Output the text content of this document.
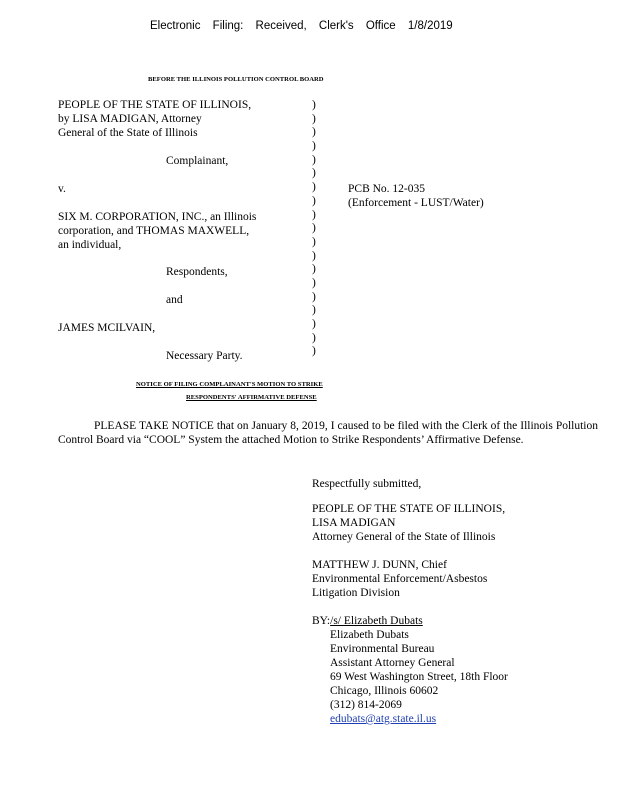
Electronic Filing: Received, Clerk's Office 1/8/2019
BEFORE THE ILLINOIS POLLUTION CONTROL BOARD
PEOPLE OF THE STATE OF ILLINOIS,
by LISA MADIGAN, Attorney
General of the State of Illinois
Complainant,
v.
SIX M. CORPORATION, INC., an Illinois
corporation, and THOMAS MAXWELL,
an individual,
Respondents,
and
JAMES MCILVAIN,
Necessary Party.
)
)
)
)
)
)
)
)
)
)
)
)
)
)
)
)
)
)
)
PCB No. 12-035
(Enforcement - LUST/Water)
NOTICE OF FILING COMPLAINANT'S MOTION TO STRIKE
RESPONDENTS' AFFIRMATIVE DEFENSE
PLEASE TAKE NOTICE that on January 8, 2019, I caused to be filed with the Clerk of the Illinois Pollution Control Board via “COOL” System the attached Motion to Strike Respondents’ Affirmative Defense.
Respectfully submitted,
PEOPLE OF THE STATE OF ILLINOIS,
LISA MADIGAN
Attorney General of the State of Illinois
MATTHEW J. DUNN, Chief
Environmental Enforcement/Asbestos
Litigation Division
BY:/s/ Elizabeth Dubats
Elizabeth Dubats
Environmental Bureau
Assistant Attorney General
69 West Washington Street, 18th Floor
Chicago, Illinois 60602
(312) 814-2069
edubats@atg.state.il.us
